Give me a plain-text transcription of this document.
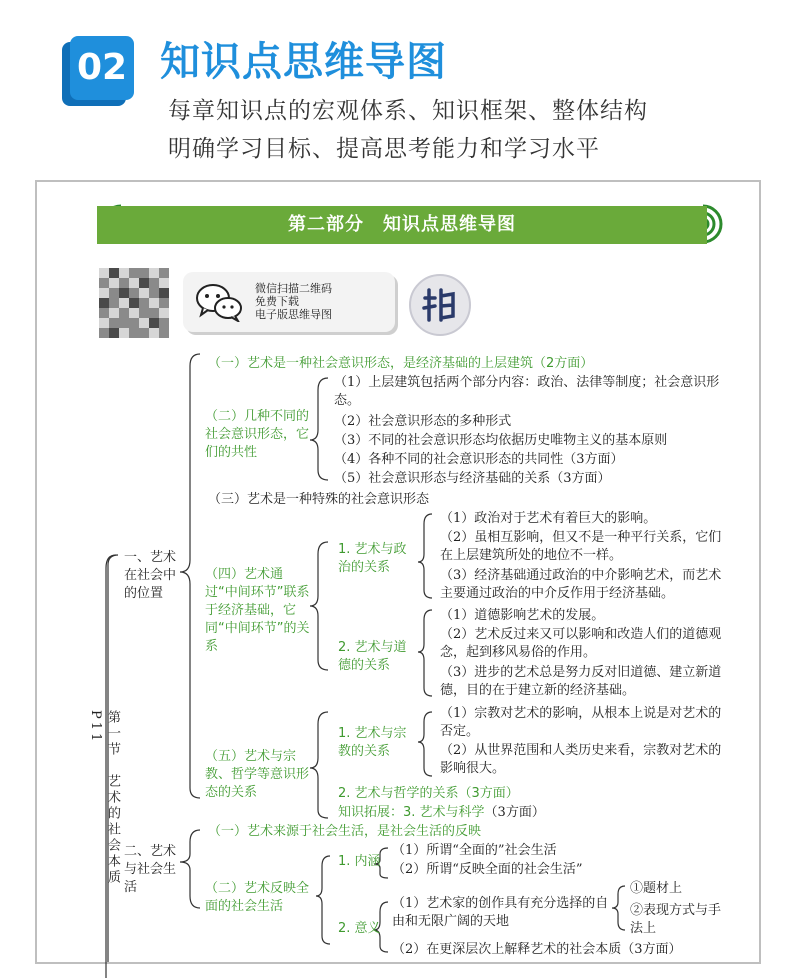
02 知识点思维导图
每章知识点的宏观体系、知识框架、整体结构
明确学习目标、提高思考能力和学习水平
第二部分　知识点思维导图
微信扫描二维码
免费下载
电子版思维导图
第一节　艺术的社会本质P11
一、艺术在社会中的位置
（一）艺术是一种社会意识形态，是经济基础的上层建筑（2方面）
（二）几种不同的社会意识形态，它们的共性
（1）上层建筑包括两个部分内容：政治、法律等制度；社会意识形态。
（2）社会意识形态的多种形式
（3）不同的社会意识形态均依据历史唯物主义的基本原则
（4）各种不同的社会意识形态的共同性（3方面）
（5）社会意识形态与经济基础的关系（3方面）
（三）艺术是一种特殊的社会意识形态
（四）艺术通过“中间环节”联系于经济基础，它同“中间环节”的关系
1. 艺术与政治的关系
（1）政治对于艺术有着巨大的影响。
（2）虽相互影响，但又不是一种平行关系，它们在上层建筑所处的地位不一样。
（3）经济基础通过政治的中介影响艺术，而艺术主要通过政治的中介反作用于经济基础。
2. 艺术与道德的关系
（1）道德影响艺术的发展。
（2）艺术反过来又可以影响和改造人们的道德观念，起到移风易俗的作用。
（3）进步的艺术总是努力反对旧道德、建立新道德，目的在于建立新的经济基础。
（五）艺术与宗教、哲学等意识形态的关系
1. 艺术与宗教的关系
（1）宗教对艺术的影响，从根本上说是对艺术的否定。
（2）从世界范围和人类历史来看，宗教对艺术的影响很大。
2. 艺术与哲学的关系（3方面）
知识拓展：3. 艺术与科学（3方面）
二、艺术与社会生活
（一）艺术来源于社会生活，是社会生活的反映
（二）艺术反映全面的社会生活
1. 内涵
（1）所谓“全面的”社会生活
（2）所谓“反映全面的社会生活”
2. 意义
（1）艺术家的创作具有充分选择的自由和无限广阔的天地
①题材上
②表现方式与手法上
（2）在更深层次上解释艺术的社会本质（3方面）
